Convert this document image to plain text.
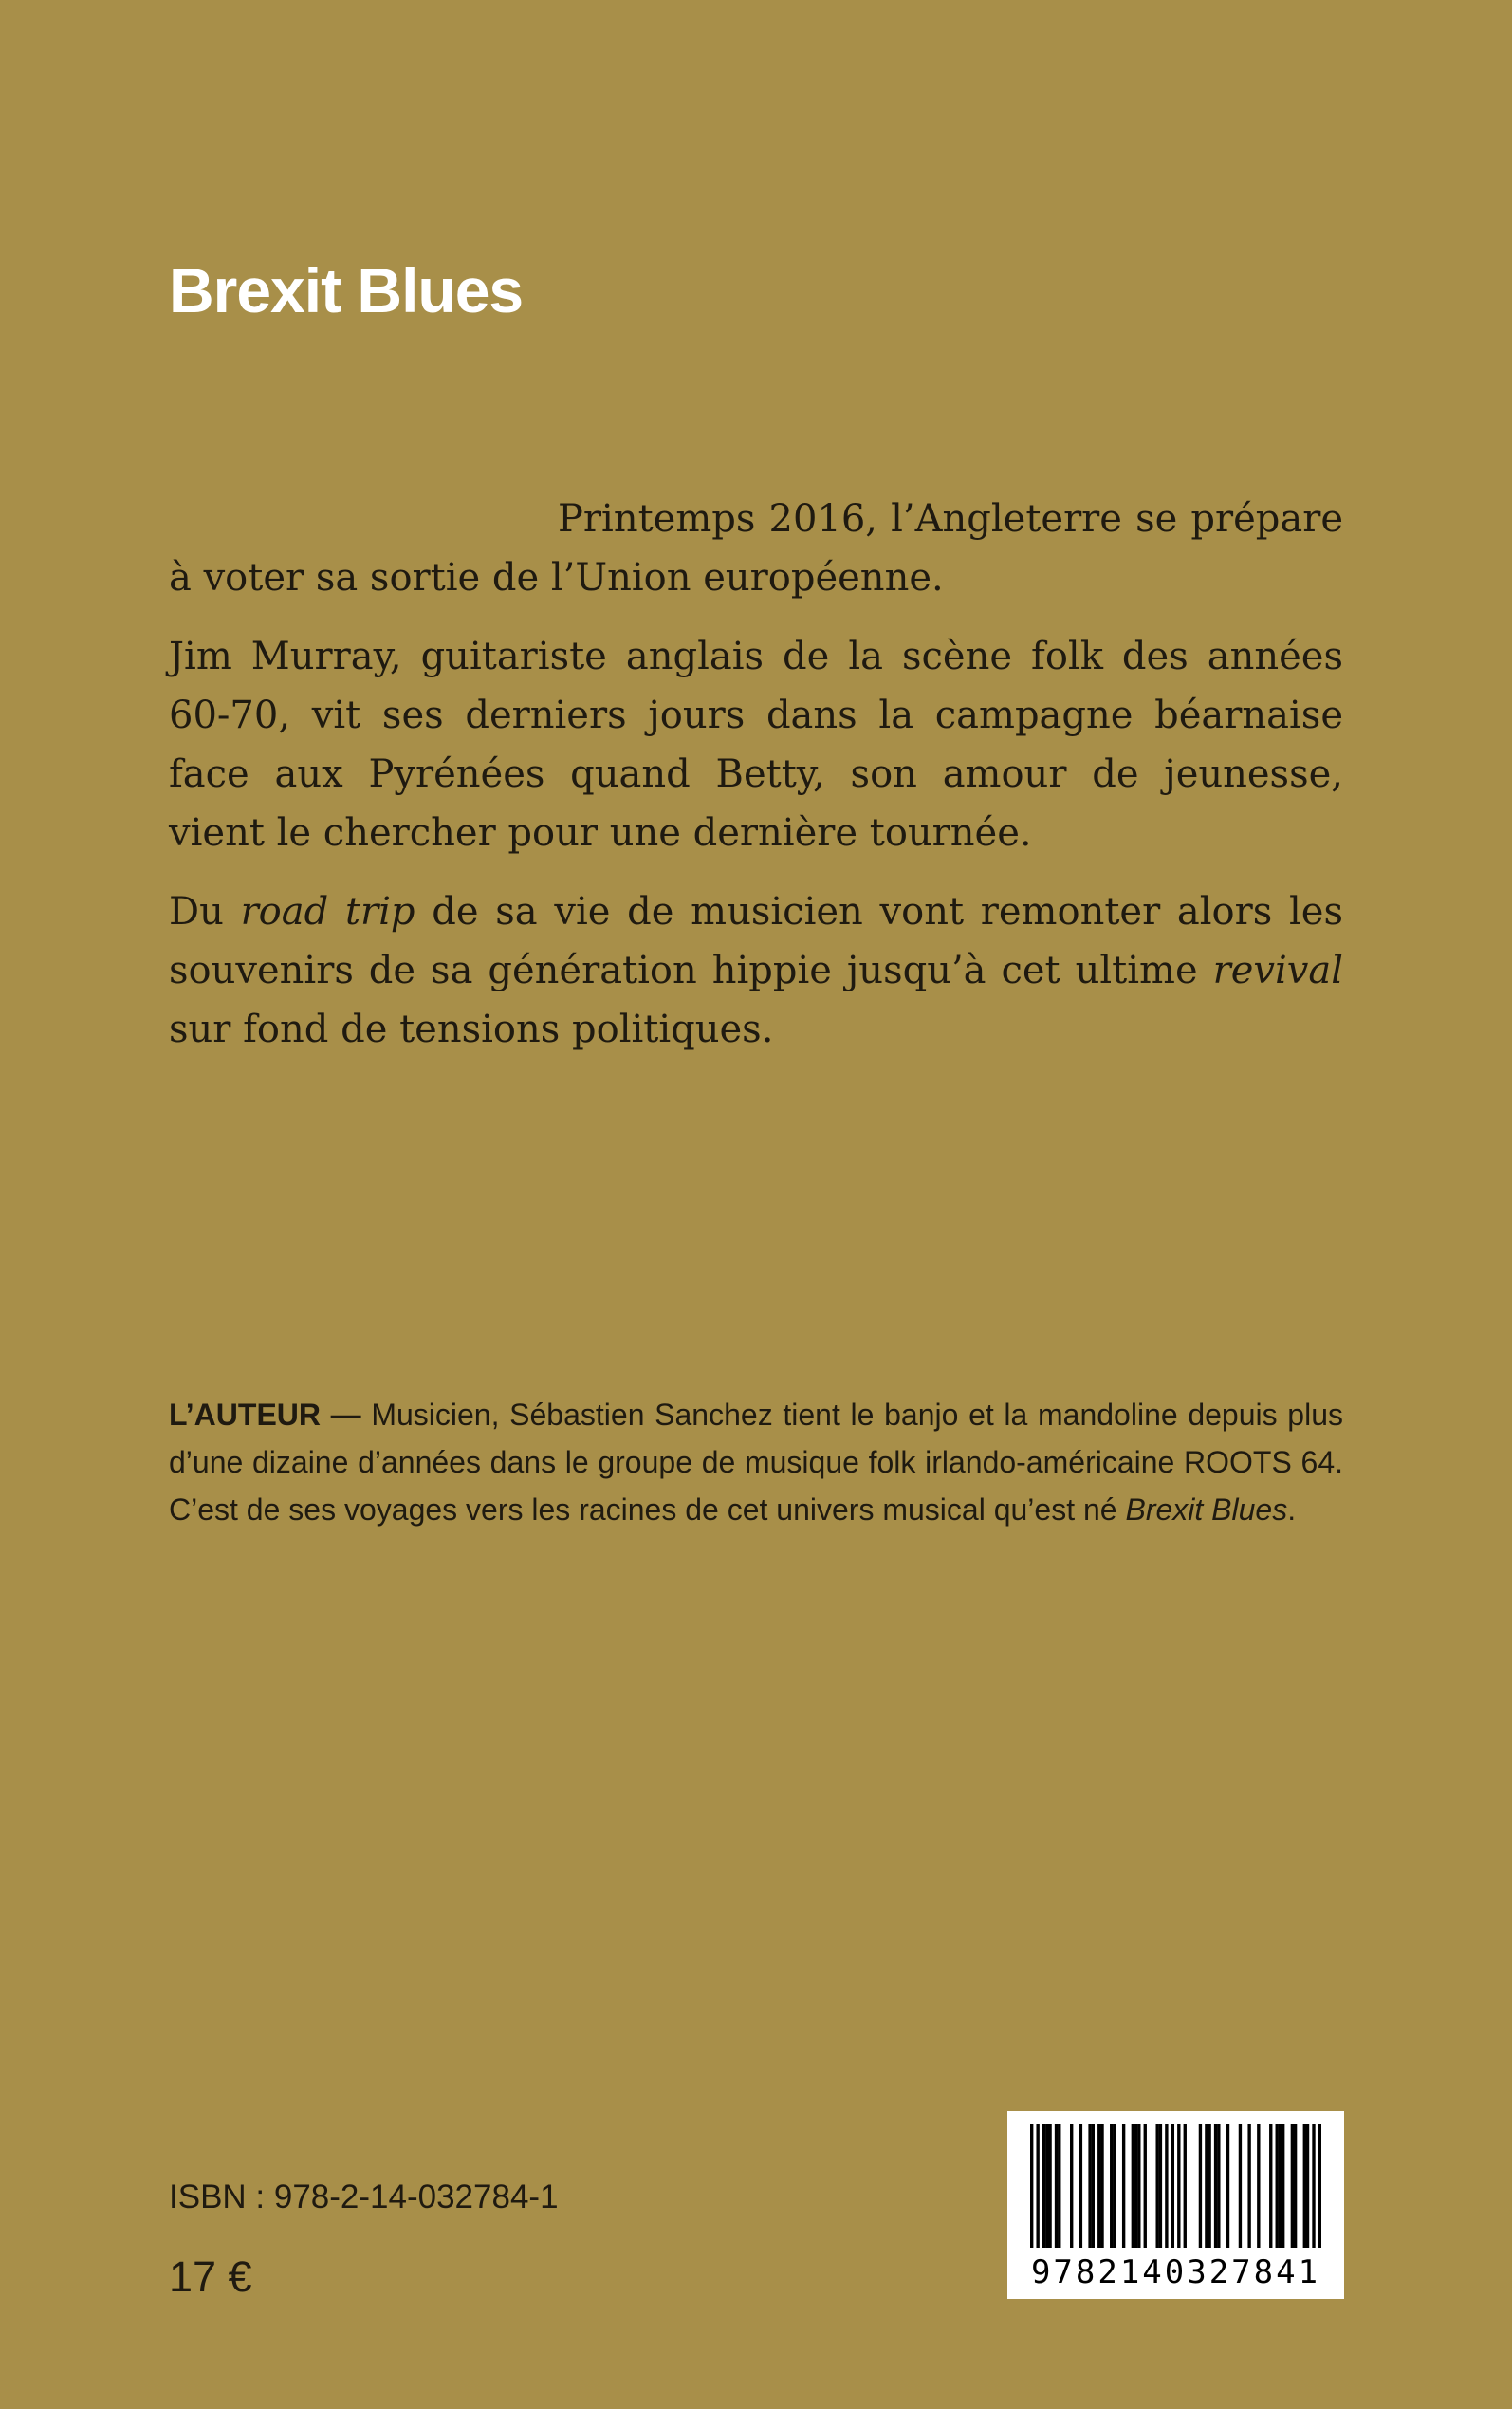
Brexit Blues

Printemps 2016, l’Angleterre se prépare à voter sa sortie de l’Union européenne.

Jim Murray, guitariste anglais de la scène folk des années 60-70, vit ses derniers jours dans la campagne béarnaise face aux Pyrénées quand Betty, son amour de jeunesse, vient le chercher pour une dernière tournée.

Du road trip de sa vie de musicien vont remonter alors les souvenirs de sa génération hippie jusqu’à cet ultime revival sur fond de tensions politiques.

L’AUTEUR — Musicien, Sébastien Sanchez tient le banjo et la mandoline depuis plus d’une dizaine d’années dans le groupe de musique folk irlando-américaine ROOTS 64. C’est de ses voyages vers les racines de cet univers musical qu’est né Brexit Blues.

ISBN : 978-2-14-032784-1

17 €	9782140327841
